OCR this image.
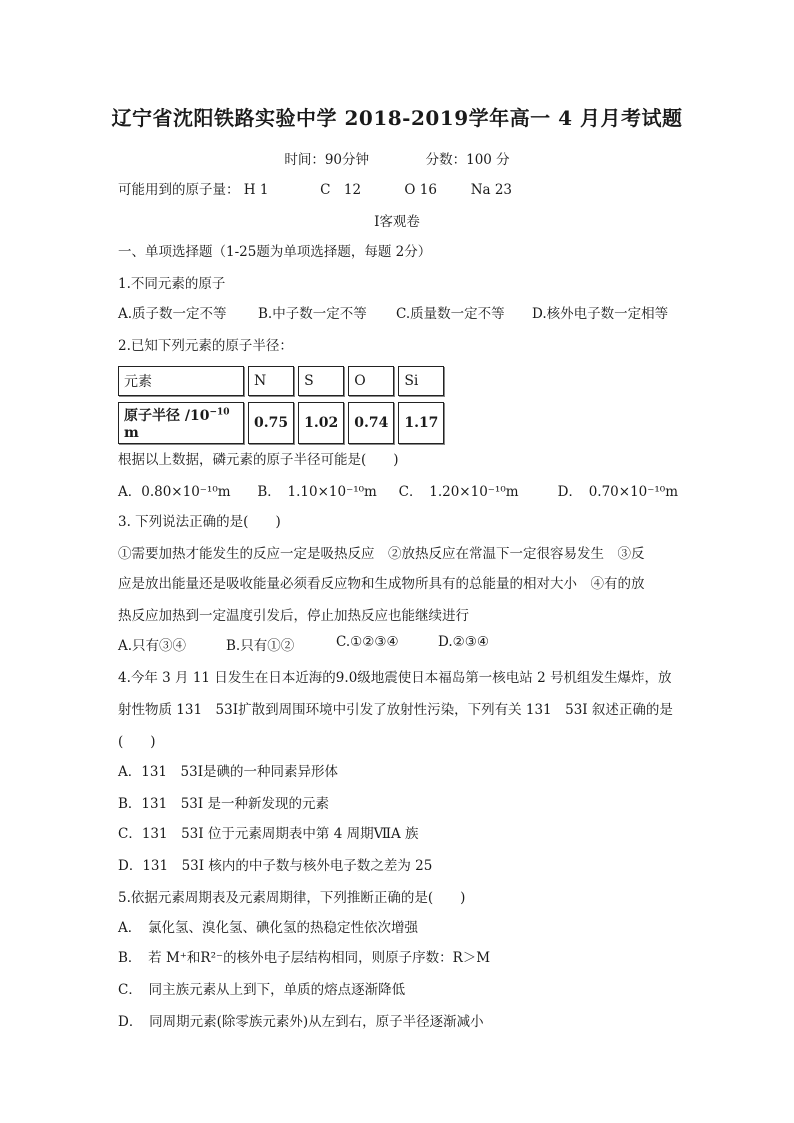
辽宁省沈阳铁路实验中学 2018-2019学年高一 4 月月考试题
时间：90分钟	分数：100 分
可能用到的原子量： H 1	C　12	O 16	Na 23
Ⅰ客观卷
一、单项选择题（1-25题为单项选择题，每题 2分）
1.不同元素的原子
A.质子数一定不等	B.中子数一定不等	C.质量数一定不等	D.核外电子数一定相等
2.已知下列元素的原子半径：
元素	N	S	O	Si

原子半径 $/10^{-10}$ m	0.75	1.02	0.74	1.17
根据以上数据，磷元素的原子半径可能是(　　)
A．0.80×10⁻¹⁰m	B．　1.10×10⁻¹⁰m	C．　1.20×10⁻¹⁰m	D．　0.70×10⁻¹⁰m
3. 下列说法正确的是(　　)
①需要加热才能发生的反应一定是吸热反应　②放热反应在常温下一定很容易发生　③反
应是放出能量还是吸收能量必须看反应物和生成物所具有的总能量的相对大小　④有的放
热反应加热到一定温度引发后，停止加热反应也能继续进行
A.只有③④	B.只有①②	C.①②③④	D.②③④
4.今年 3 月 11 日发生在日本近海的9.0级地震使日本福岛第一核电站 2 号机组发生爆炸，放
射性物质 131　53I扩散到周围环境中引发了放射性污染，下列有关 131　53I 叙述正确的是
(　　)
A．131　53I是碘的一种同素异形体
B．131　53I 是一种新发现的元素
C．131　53I 位于元素周期表中第 4 周期ⅦA 族
D．131　53I 核内的中子数与核外电子数之差为 25
5.依据元素周期表及元素周期律，下列推断正确的是(　　)
A．　氯化氢、溴化氢、碘化氢的热稳定性依次增强
B．　若 M⁺和R²⁻的核外电子层结构相同，则原子序数：R＞M
C．　同主族元素从上到下，单质的熔点逐渐降低
D．　同周期元素(除零族元素外)从左到右，原子半径逐渐减小
